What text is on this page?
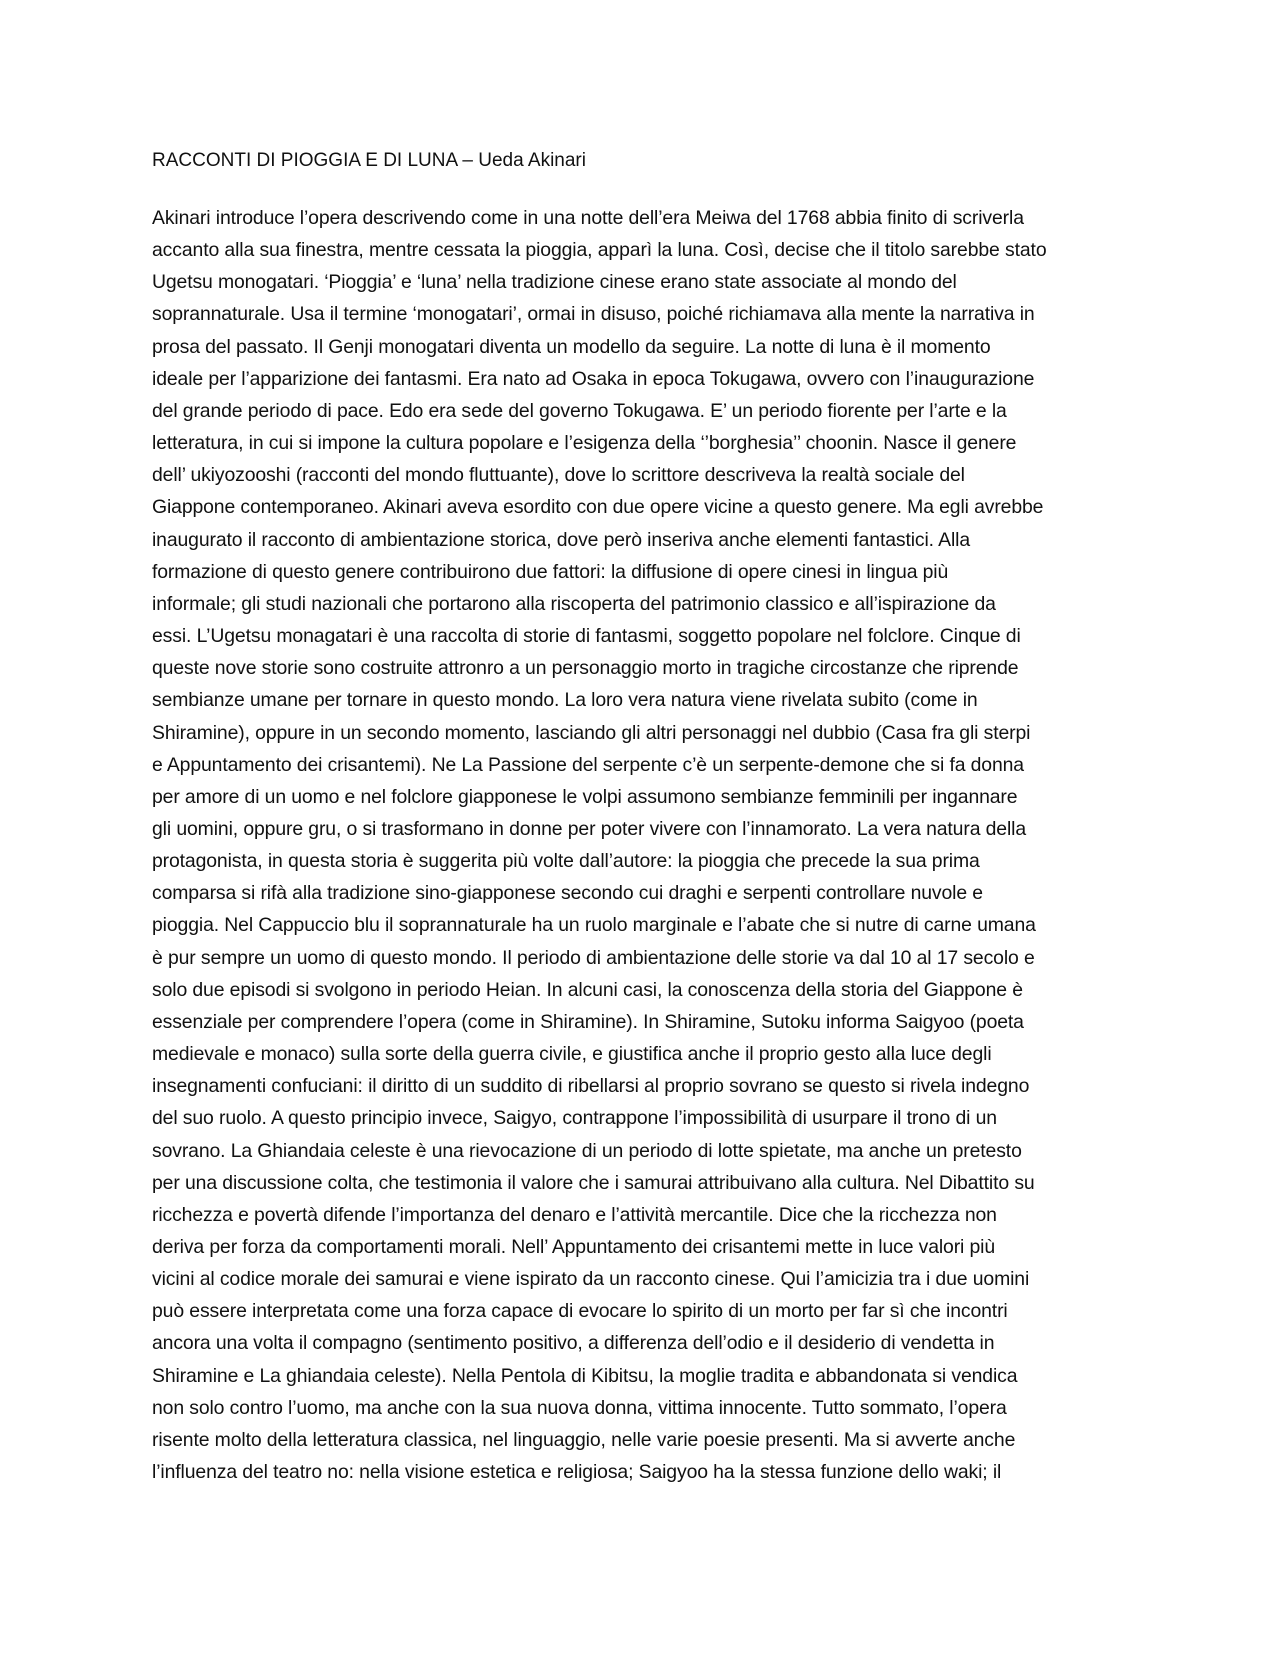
RACCONTI DI PIOGGIA E DI LUNA – Ueda Akinari
Akinari introduce l’opera descrivendo come in una notte dell’era Meiwa del 1768 abbia finito di scriverla
accanto alla sua finestra, mentre cessata la pioggia, apparì la luna. Così, decise che il titolo sarebbe stato
Ugetsu monogatari. ‘Pioggia’ e ‘luna’ nella tradizione cinese erano state associate al mondo del
soprannaturale. Usa il termine ‘monogatari’, ormai in disuso, poiché richiamava alla mente la narrativa in
prosa del passato. Il Genji monogatari diventa un modello da seguire. La notte di luna è il momento
ideale per l’apparizione dei fantasmi. Era nato ad Osaka in epoca Tokugawa, ovvero con l’inaugurazione
del grande periodo di pace. Edo era sede del governo Tokugawa. E’ un periodo fiorente per l’arte e la
letteratura, in cui si impone la cultura popolare e l’esigenza della ‘’borghesia’’ choonin. Nasce il genere
dell’ ukiyozooshi (racconti del mondo fluttuante), dove lo scrittore descriveva la realtà sociale del
Giappone contemporaneo. Akinari aveva esordito con due opere vicine a questo genere. Ma egli avrebbe
inaugurato il racconto di ambientazione storica, dove però inseriva anche elementi fantastici. Alla
formazione di questo genere contribuirono due fattori: la diffusione di opere cinesi in lingua più
informale; gli studi nazionali che portarono alla riscoperta del patrimonio classico e all’ispirazione da
essi. L’Ugetsu monagatari è una raccolta di storie di fantasmi, soggetto popolare nel folclore. Cinque di
queste nove storie sono costruite attronro a un personaggio morto in tragiche circostanze che riprende
sembianze umane per tornare in questo mondo. La loro vera natura viene rivelata subito (come in
Shiramine), oppure in un secondo momento, lasciando gli altri personaggi nel dubbio (Casa fra gli sterpi
e Appuntamento dei crisantemi). Ne La Passione del serpente c’è un serpente-demone che si fa donna
per amore di un uomo e nel folclore giapponese le volpi assumono sembianze femminili per ingannare
gli uomini, oppure gru, o si trasformano in donne per poter vivere con l’innamorato. La vera natura della
protagonista, in questa storia è suggerita più volte dall’autore: la pioggia che precede la sua prima
comparsa si rifà alla tradizione sino-giapponese secondo cui draghi e serpenti controllare nuvole e
pioggia. Nel Cappuccio blu il soprannaturale ha un ruolo marginale e l’abate che si nutre di carne umana
è pur sempre un uomo di questo mondo. Il periodo di ambientazione delle storie va dal 10 al 17 secolo e
solo due episodi si svolgono in periodo Heian. In alcuni casi, la conoscenza della storia del Giappone è
essenziale per comprendere l’opera (come in Shiramine). In Shiramine, Sutoku informa Saigyoo (poeta
medievale e monaco) sulla sorte della guerra civile, e giustifica anche il proprio gesto alla luce degli
insegnamenti confuciani: il diritto di un suddito di ribellarsi al proprio sovrano se questo si rivela indegno
del suo ruolo. A questo principio invece, Saigyo, contrappone l’impossibilità di usurpare il trono di un
sovrano. La Ghiandaia celeste è una rievocazione di un periodo di lotte spietate, ma anche un pretesto
per una discussione colta, che testimonia il valore che i samurai attribuivano alla cultura. Nel Dibattito su
ricchezza e povertà difende l’importanza del denaro e l’attività mercantile. Dice che la ricchezza non
deriva per forza da comportamenti morali. Nell’ Appuntamento dei crisantemi mette in luce valori più
vicini al codice morale dei samurai e viene ispirato da un racconto cinese. Qui l’amicizia tra i due uomini
può essere interpretata come una forza capace di evocare lo spirito di un morto per far sì che incontri
ancora una volta il compagno (sentimento positivo, a differenza dell’odio e il desiderio di vendetta in
Shiramine e La ghiandaia celeste). Nella Pentola di Kibitsu, la moglie tradita e abbandonata si vendica
non solo contro l’uomo, ma anche con la sua nuova donna, vittima innocente. Tutto sommato, l’opera
risente molto della letteratura classica, nel linguaggio, nelle varie poesie presenti. Ma si avverte anche
l’influenza del teatro no: nella visione estetica e religiosa; Saigyoo ha la stessa funzione dello waki; il
